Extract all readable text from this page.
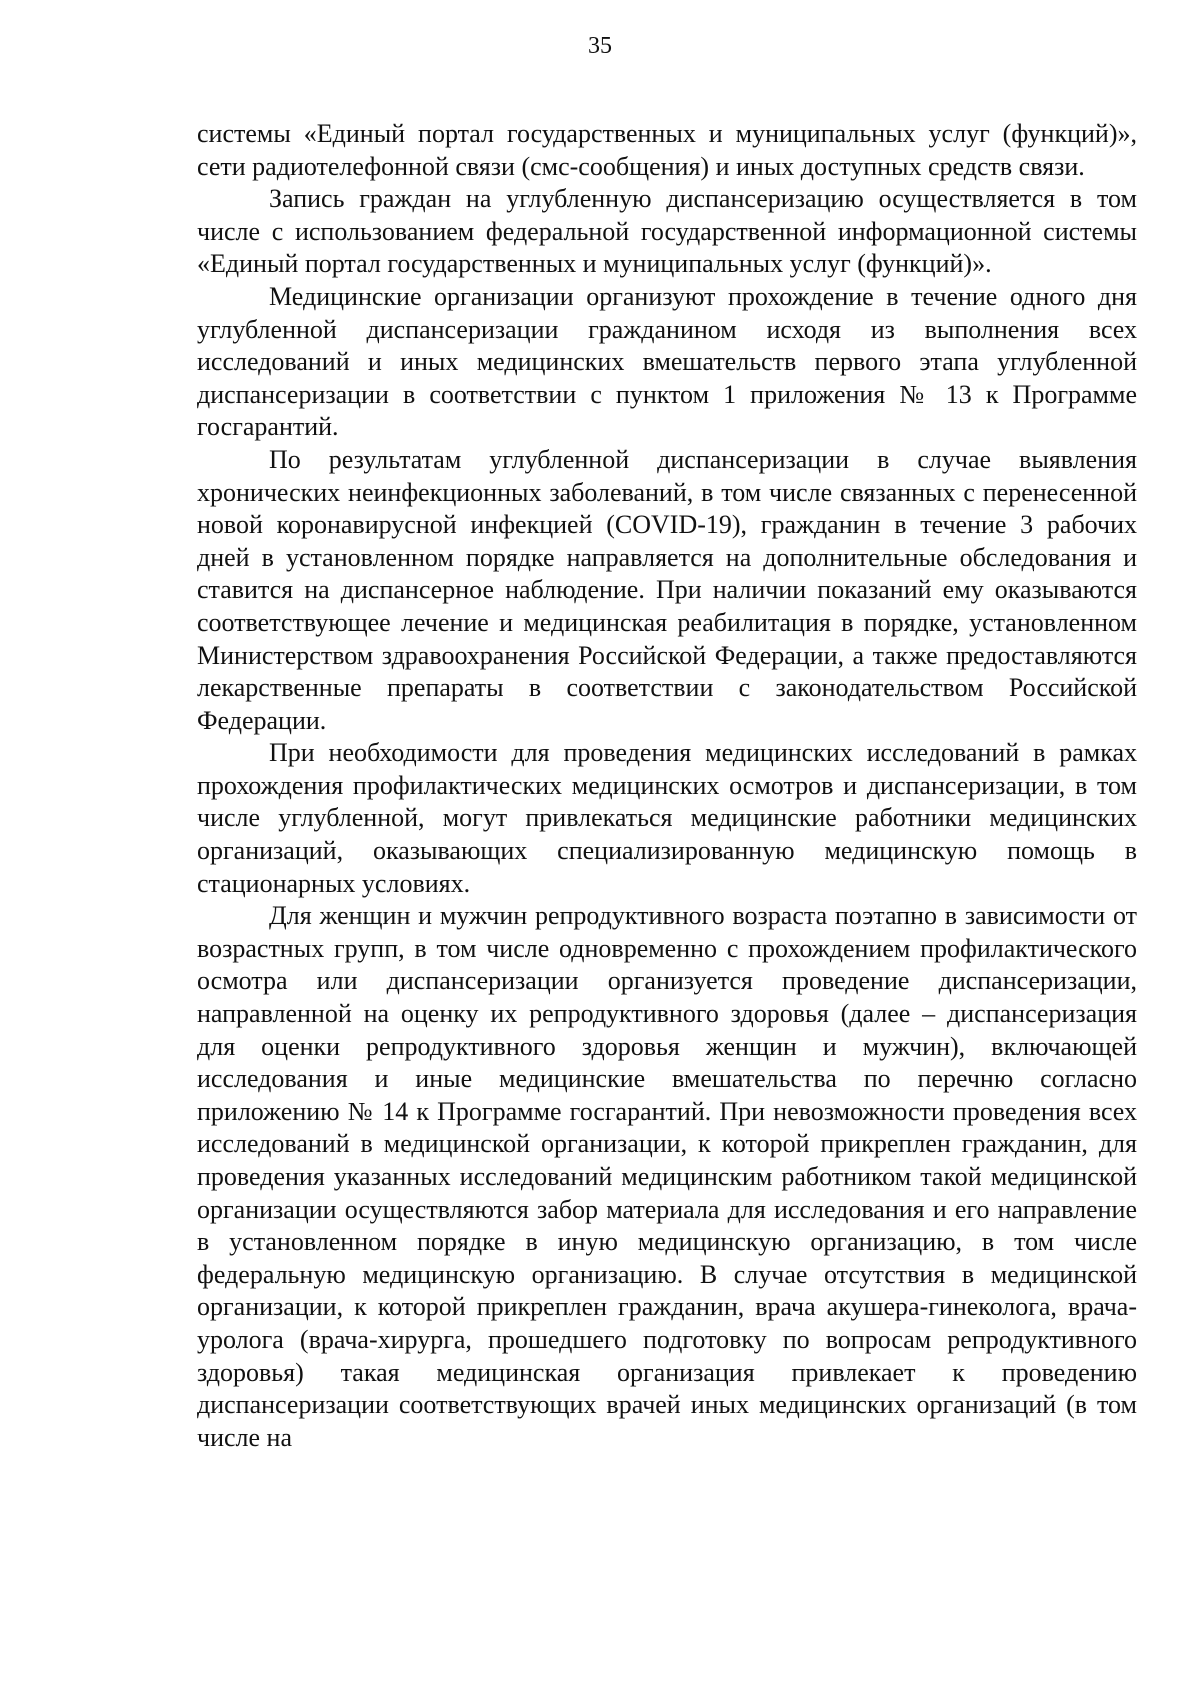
35

системы «Единый портал государственных и муниципальных услуг (функций)», сети радиотелефонной связи (смс-сообщения) и иных доступных средств связи.

Запись граждан на углубленную диспансеризацию осуществляется в том числе с использованием федеральной государственной информационной системы «Единый портал государственных и муниципальных услуг (функций)».

Медицинские организации организуют прохождение в течение одного дня углубленной диспансеризации гражданином исходя из выполнения всех исследований и иных медицинских вмешательств первого этапа углубленной диспансеризации в соответствии с пунктом 1 приложения № 13 к Программе госгарантий.

По результатам углубленной диспансеризации в случае выявления хронических неинфекционных заболеваний, в том числе связанных с перенесенной новой коронавирусной инфекцией (COVID-19), гражданин в течение 3 рабочих дней в установленном порядке направляется на дополнительные обследования и ставится на диспансерное наблюдение. При наличии показаний ему оказываются соответствующее лечение и медицинская реабилитация в порядке, установленном Министерством здравоохранения Российской Федерации, а также предоставляются лекарственные препараты в соответствии с законодательством Российской Федерации.

При необходимости для проведения медицинских исследований в рамках прохождения профилактических медицинских осмотров и диспансеризации, в том числе углубленной, могут привлекаться медицинские работники медицинских организаций, оказывающих специализированную медицинскую помощь в стационарных условиях.

Для женщин и мужчин репродуктивного возраста поэтапно в зависимости от возрастных групп, в том числе одновременно с прохождением профилактического осмотра или диспансеризации организуется проведение диспансеризации, направленной на оценку их репродуктивного здоровья (далее – диспансеризация для оценки репродуктивного здоровья женщин и мужчин), включающей исследования и иные медицинские вмешательства по перечню согласно приложению № 14 к Программе госгарантий. При невозможности проведения всех исследований в медицинской организации, к которой прикреплен гражданин, для проведения указанных исследований медицинским работником такой медицинской организации осуществляются забор материала для исследования и его направление в установленном порядке в иную медицинскую организацию, в том числе федеральную медицинскую организацию. В случае отсутствия в медицинской организации, к которой прикреплен гражданин, врача акушера-гинеколога, врача-уролога (врача-хирурга, прошедшего подготовку по вопросам репродуктивного здоровья) такая медицинская организация привлекает к проведению диспансеризации соответствующих врачей иных медицинских организаций (в том числе на
